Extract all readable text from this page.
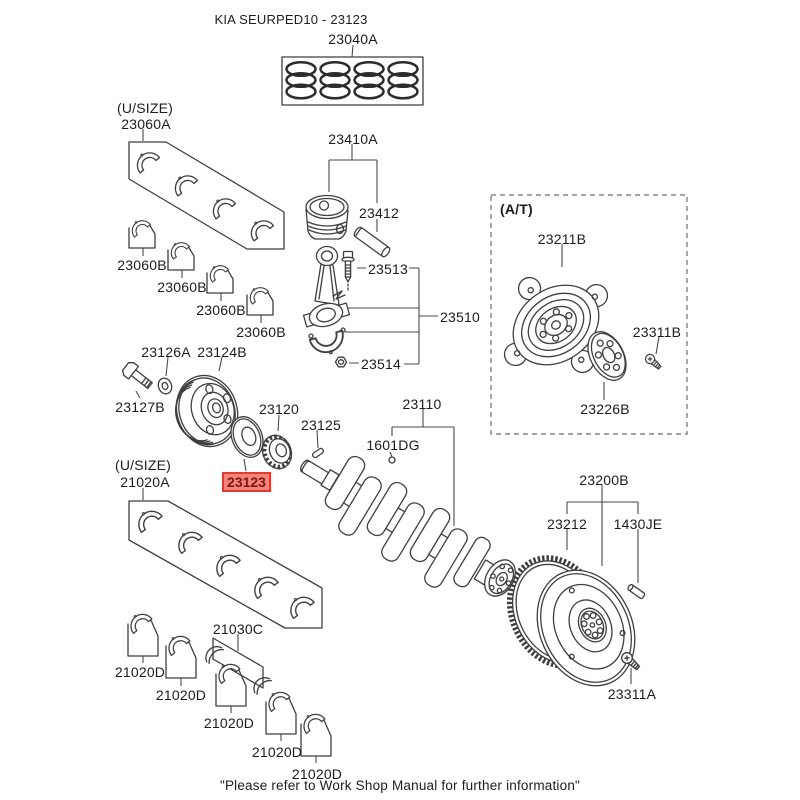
KIA SEURPED10 - 23123
23040A
(U/SIZE)
23060A
23060B
23060B
23060B
23060B
23410A
23412
23513
23510
23514
23126A 23124B
23127B	23120
23125
23110
1601DG
(A/T)
23211B
23311B
23226B
23200B
23212 1430JE
23311A
(U/SIZE)
21020A
21030C
21020D
21020D
21020D
21020D
21020D
"Please refer to Work Shop Manual for further information"
23123
